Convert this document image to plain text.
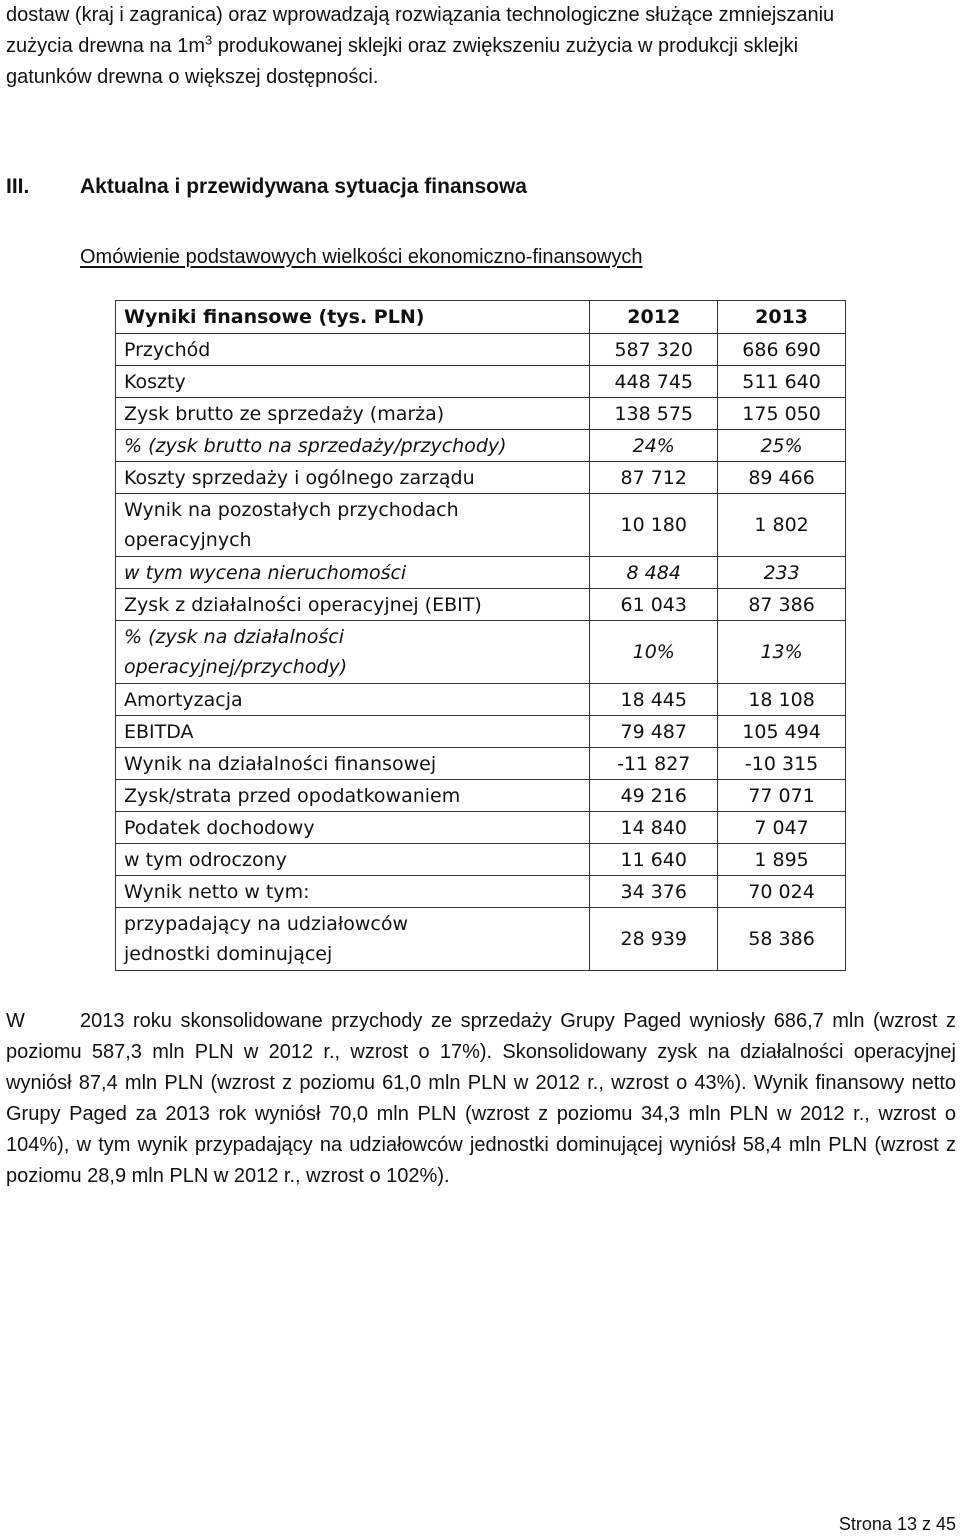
dostaw (kraj i zagranica) oraz wprowadzają rozwiązania technologiczne służące zmniejszaniu
zużycia drewna na $1m^3$ produkowanej sklejki oraz zwiększeniu zużycia w produkcji sklejki
gatunków drewna o większej dostępności.
III.	Aktualna i przewidywana sytuacja finansowa
Omówienie podstawowych wielkości ekonomiczno-finansowych
Wyniki finansowe (tys. PLN)	2012	2013
Przychód	587 320	686 690
Koszty	448 745	511 640
Zysk brutto ze sprzedaży (marża)	138 575	175 050
% (zysk brutto na sprzedaży/przychody)	24%	25%
Koszty sprzedaży i ogólnego zarządu	87 712	89 466

Wynik na pozostałych przychodach
operacyjnych	10 180	1 802
w tym wycena nieruchomości	8 484	233
Zysk z działalności operacyjnej (EBIT)	61 043	87 386

% (zysk na działalności
operacyjnej/przychody)	10%	13%
Amortyzacja	18 445	18 108
EBITDA	79 487	105 494
Wynik na działalności finansowej	-11 827	-10 315
Zysk/strata przed opodatkowaniem	49 216	77 071
Podatek dochodowy	14 840	7 047
w tym odroczony	11 640	1 895
Wynik netto w tym:	34 376	70 024

przypadający na udziałowców
jednostki dominującej	28 939	58 386
W	2013 roku skonsolidowane przychody ze sprzedaży Grupy Paged wyniosły 686,7 mln (wzrost z poziomu 587,3 mln PLN w 2012 r., wzrost o 17%). Skonsolidowany zysk na działalności operacyjnej wyniósł 87,4 mln PLN (wzrost z poziomu 61,0 mln PLN w 2012 r., wzrost o 43%). Wynik finansowy netto Grupy Paged za 2013 rok wyniósł 70,0 mln PLN (wzrost z poziomu 34,3 mln PLN w 2012 r., wzrost o 104%), w tym wynik przypadający na udziałowców jednostki dominującej wyniósł 58,4 mln PLN (wzrost z poziomu 28,9 mln PLN w 2012 r., wzrost o 102%).
Strona 13 z 45
